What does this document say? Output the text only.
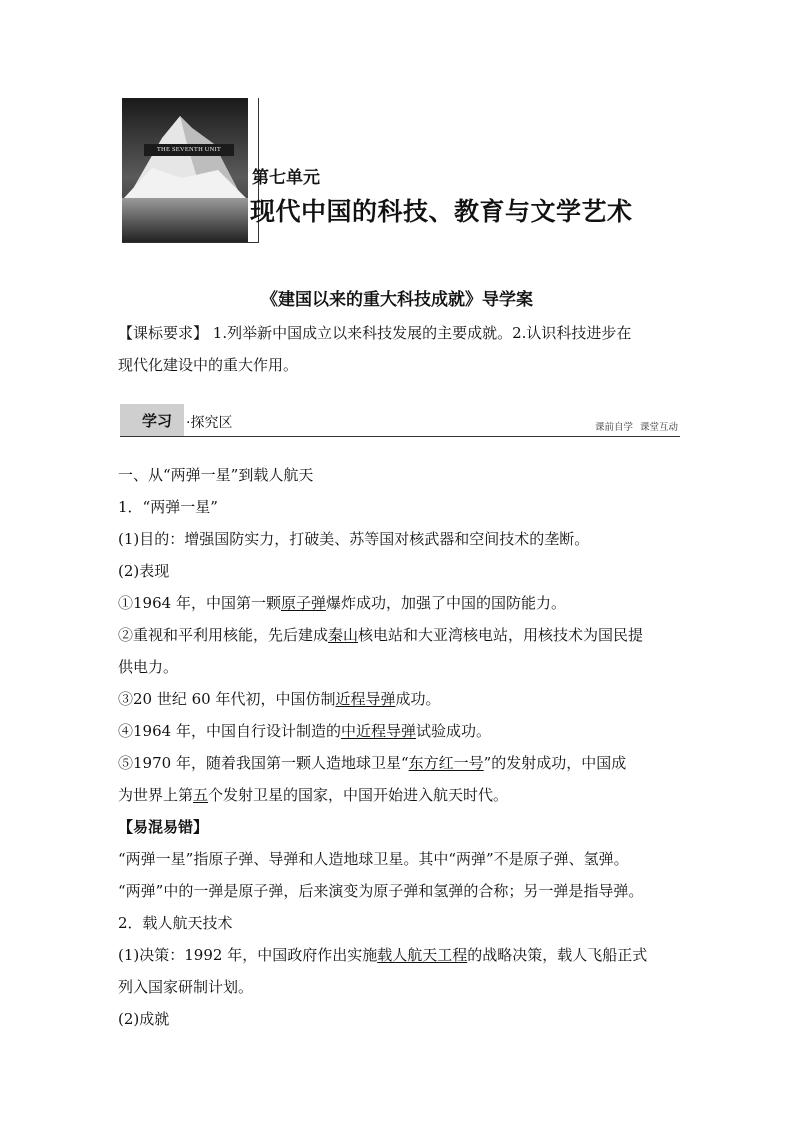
THE SEVENTH UNIT
第七单元
现代中国的科技、教育与文学艺术
《建国以来的重大科技成就》导学案

【课标要求】 1.列举新中国成立以来科技发展的主要成就。2.认识科技进步在
现代化建设中的重大作用。

学习 ·探究区	课前自学 课堂互动
一、从“两弹一星”到载人航天
1．“两弹一星”
(1)目的：增强国防实力，打破美、苏等国对核武器和空间技术的垄断。
(2)表现
①1964 年，中国第一颗原子弹爆炸成功，加强了中国的国防能力。
②重视和平利用核能，先后建成秦山核电站和大亚湾核电站，用核技术为国民提
供电力。
③20 世纪 60 年代初，中国仿制近程导弹成功。
④1964 年，中国自行设计制造的中近程导弹试验成功。
⑤1970 年，随着我国第一颗人造地球卫星“东方红一号”的发射成功，中国成
为世界上第五个发射卫星的国家，中国开始进入航天时代。
【易混易错】
“两弹一星”指原子弹、导弹和人造地球卫星。其中“两弹”不是原子弹、氢弹。
“两弹”中的一弹是原子弹，后来演变为原子弹和氢弹的合称；另一弹是指导弹。
2．载人航天技术
(1)决策：1992 年，中国政府作出实施载人航天工程的战略决策，载人飞船正式
列入国家研制计划。
(2)成就
